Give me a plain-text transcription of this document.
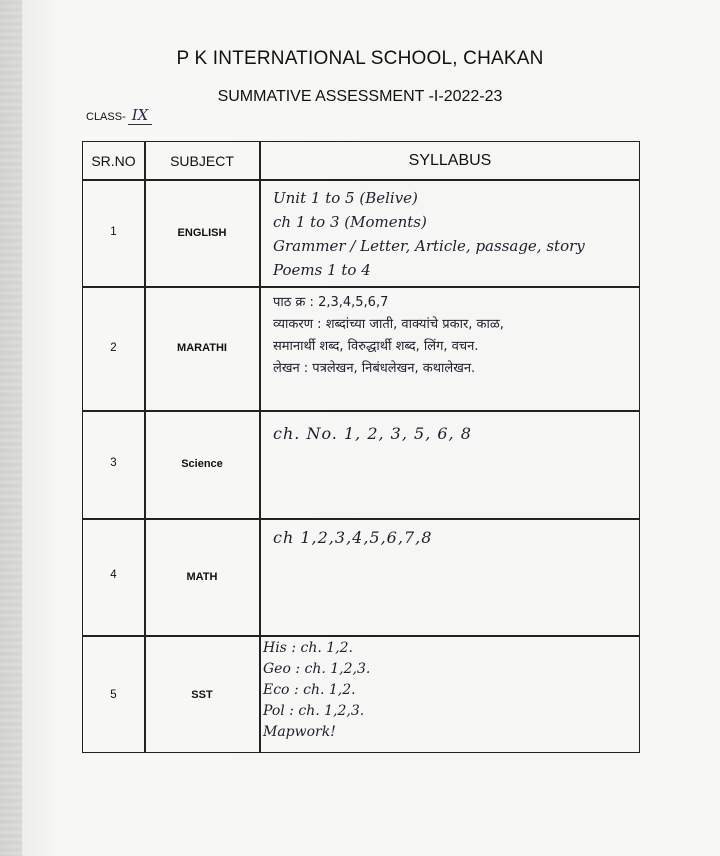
P K INTERNATIONAL SCHOOL, CHAKAN
SUMMATIVE ASSESSMENT -I-2022-23
CLASS- IX
SR.NO	SUBJECT	SYLLABUS
1	ENGLISH
Unit 1 to 5 (Belive)
ch 1 to 3 (Moments)
Grammer / Letter, Article, passage, story
Poems 1 to 4
2	MARATHI
पाठ क्र : 2,3,4,5,6,7
व्याकरण : शब्दांच्या जाती, वाक्यांचे प्रकार, काळ,
समानार्थी शब्द, विरुद्धार्थी शब्द, लिंग, वचन.
लेखन : पत्रलेखन, निबंधलेखन, कथालेखन.
3	Science
ch. No. 1, 2, 3, 5, 6, 8
4	MATH
ch 1,2,3,4,5,6,7,8
5	SST
His : ch. 1,2.
Geo : ch. 1,2,3.
Eco : ch. 1,2.
Pol : ch. 1,2,3.
Mapwork!
